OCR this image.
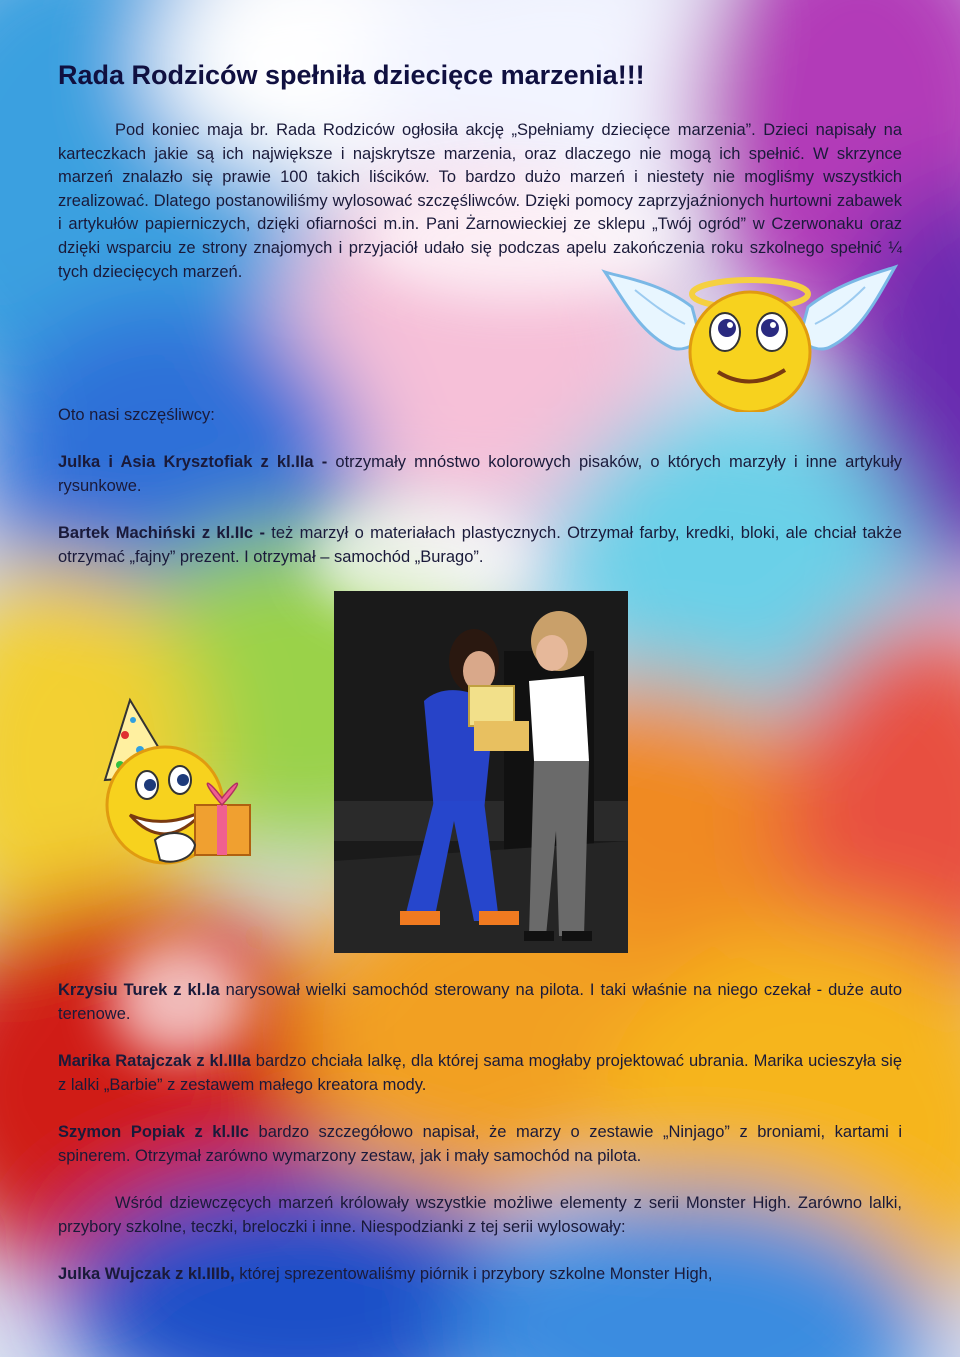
Rada Rodziców spełniła dziecięce marzenia!!!

Pod koniec maja br. Rada Rodziców ogłosiła akcję „Spełniamy dziecięce marzenia”. Dzieci napisały na karteczkach jakie są ich największe i najskrytsze marzenia, oraz dlaczego nie mogą ich spełnić. W skrzynce marzeń znalazło się prawie 100 takich liścików. To bardzo dużo marzeń i niestety nie mogliśmy wszystkich zrealizować. Dlatego postanowiliśmy wylosować szczęśliwców. Dzięki pomocy zaprzyjaźnionych hurtowni zabawek i artykułów papierniczych, dzięki ofiarności m.in. Pani Żarnowieckiej ze sklepu „Twój ogród” w Czerwonaku oraz dzięki wsparciu ze strony znajomych i przyjaciół udało się podczas apelu zakończenia roku szkolnego spełnić ¼ tych dziecięcych marzeń.

Oto nasi szczęśliwcy:

Julka i Asia Krysztofiak z kl.IIa - otrzymały mnóstwo kolorowych pisaków, o których marzyły i inne artykuły rysunkowe.

Bartek Machiński z kl.IIc - też marzył o materiałach plastycznych. Otrzymał farby, kredki, bloki, ale chciał także otrzymać „fajny” prezent. I otrzymał – samochód „Burago”.

Krzysiu Turek z kl.Ia narysował wielki samochód sterowany na pilota. I taki właśnie na niego czekał - duże auto terenowe.

Marika Ratajczak z kl.IIIa bardzo chciała lalkę, dla której sama mogłaby projektować ubrania. Marika ucieszyła się z lalki „Barbie” z zestawem małego kreatora mody.

Szymon Popiak z kl.IIc bardzo szczegółowo napisał, że marzy o zestawie „Ninjago” z broniami, kartami i spinerem. Otrzymał zarówno wymarzony zestaw, jak i mały samochód na pilota.

Wśród dziewczęcych marzeń królowały wszystkie możliwe elementy z serii Monster High. Zarówno lalki, przybory szkolne, teczki, breloczki i inne. Niespodzianki z tej serii wylosowały:

Julka Wujczak z kl.IIIb, której sprezentowaliśmy piórnik i przybory szkolne Monster High,
